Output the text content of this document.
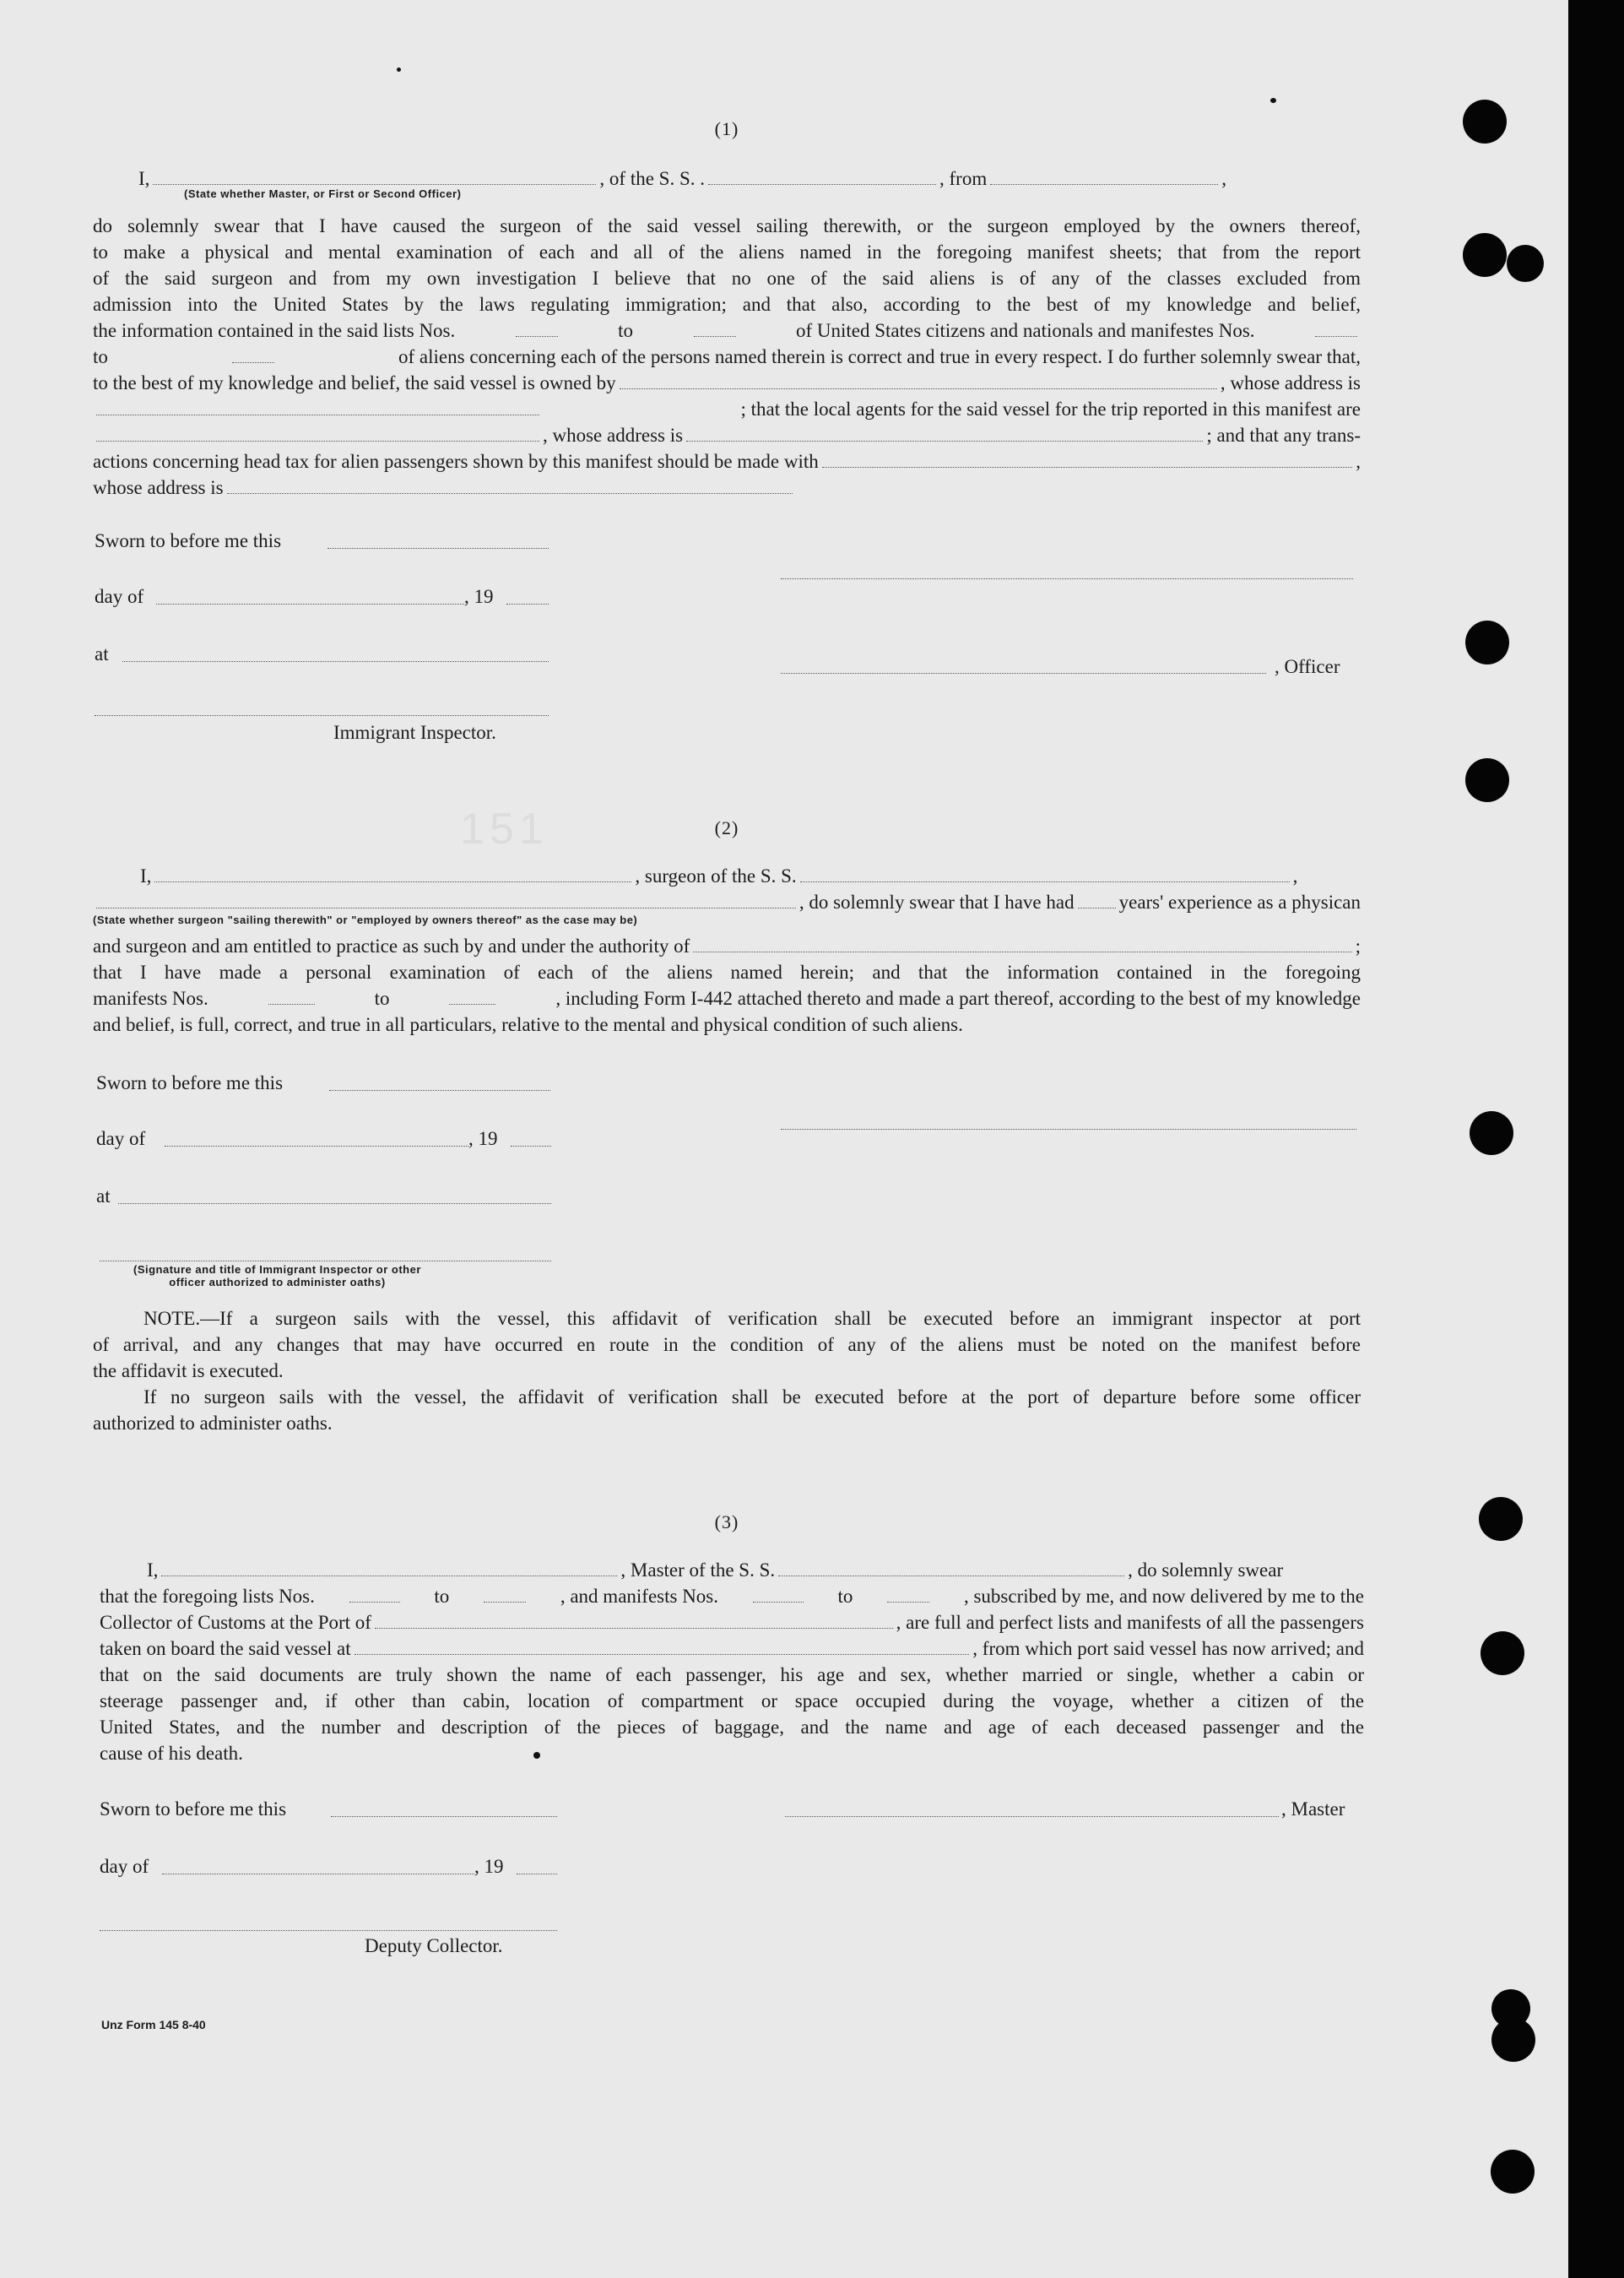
151
(1)
I,	, of the S. S. .	, from	,
(State whether Master, or First or Second Officer)
do solemnly swear that I have caused the surgeon of the said vessel sailing therewith, or the surgeon employed by the owners thereof,
to make a physical and mental examination of each and all of the aliens named in the foregoing manifest sheets; that from the report
of the said surgeon and from my own investigation I believe that no one of the said aliens is of any of the classes excluded from
admission into the United States by the laws regulating immigration; and that also, according to the best of my knowledge and belief,
the information contained in the said lists Nos.	to	of United States citizens and nationals and manifestes Nos.
to	of aliens concerning each of the persons named therein is correct and true in every respect. I do further solemnly swear that,
to the best of my knowledge and belief, the said vessel is owned by	, whose address is
; that the local agents for the said vessel for the trip reported in this manifest are
, whose address is	; and that any trans-
actions concerning head tax for alien passengers shown by this manifest should be made with	,
whose address is
Sworn to before me this
day of	, 19
at
, Officer
Immigrant Inspector.
(2)
I,	, surgeon of the S. S.	,
, do solemnly swear that I have had years' experience as a physican
(State whether surgeon "sailing therewith" or "employed by owners thereof" as the case may be)
and surgeon and am entitled to practice as such by and under the authority of	;
that I have made a personal examination of each of the aliens named herein; and that the information contained in the foregoing
manifests Nos.	to	, including Form I-442 attached thereto and made a part thereof, according to the best of my knowledge
and belief, is full, correct, and true in all particulars, relative to the mental and physical condition of such aliens.
Sworn to before me this
day of	, 19
at
(Signature and title of Immigrant Inspector or other
officer authorized to administer oaths)
NOTE.—If a surgeon sails with the vessel, this affidavit of verification shall be executed before an immigrant inspector at port
of arrival, and any changes that may have occurred en route in the condition of any of the aliens must be noted on the manifest before
the affidavit is executed.
If no surgeon sails with the vessel, the affidavit of verification shall be executed before at the port of departure before some officer
authorized to administer oaths.
(3)
I,	, Master of the S. S.	, do solemnly swear
that the foregoing lists Nos.	to	, and manifests Nos.	to	, subscribed by me, and now delivered by me to the
Collector of Customs at the Port of	, are full and perfect lists and manifests of all the passengers
taken on board the said vessel at	, from which port said vessel has now arrived; and
that on the said documents are truly shown the name of each passenger, his age and sex, whether married or single, whether a cabin or
steerage passenger and, if other than cabin, location of compartment or space occupied during the voyage, whether a citizen of the
United States, and the number and description of the pieces of baggage, and the name and age of each deceased passenger and the
cause of his death.
Sworn to before me this	, Master
day of	, 19
Deputy Collector.
Unz Form 145 8-40
